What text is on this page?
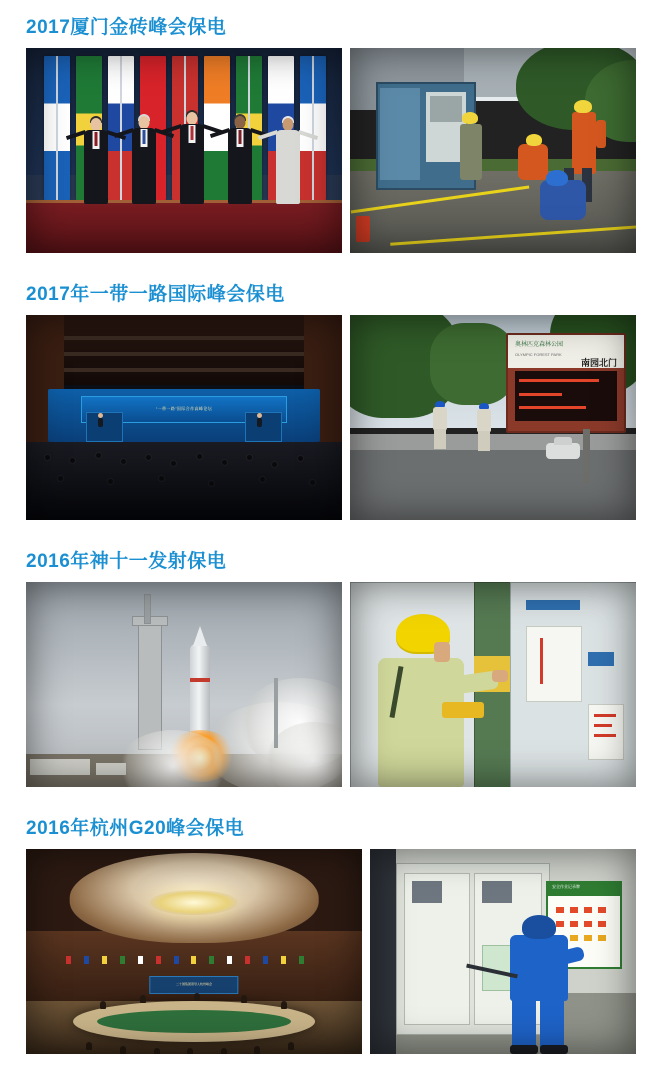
2017厦门金砖峰会保电
2017年一带一路国际峰会保电
“一带一路”国际合作高峰论坛
奥林匹克森林公园
OLYMPIC FOREST PARK
南园北门
2016年神十一发射保电
2016年杭州G20峰会保电
二十国集团领导人杭州峰会
安全作业记录牌
